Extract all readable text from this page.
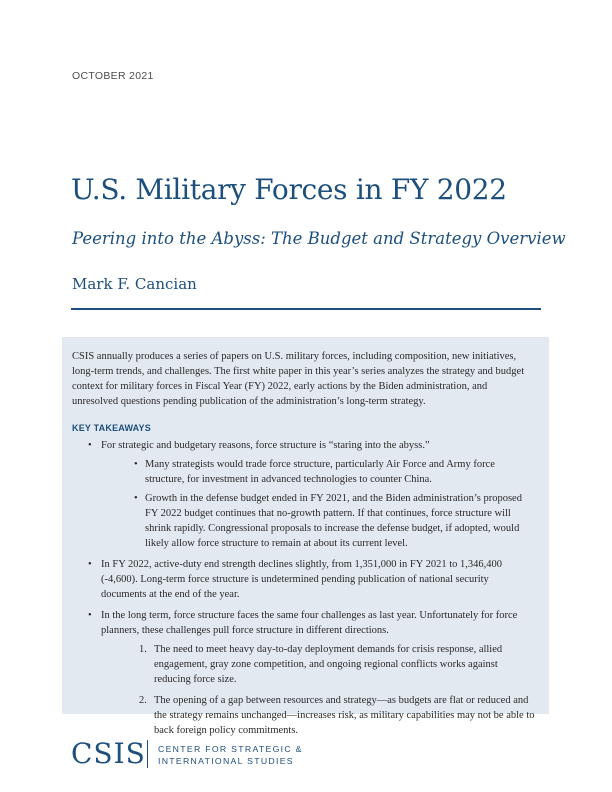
OCTOBER 2021
U.S. Military Forces in FY 2022
Peering into the Abyss: The Budget and Strategy Overview
Mark F. Cancian

CSIS annually produces a series of papers on U.S. military forces, including composition, new initiatives, long-term trends, and challenges. The first white paper in this year’s series analyzes the strategy and budget context for military forces in Fiscal Year (FY) 2022, early actions by the Biden administration, and unresolved questions pending publication of the administration’s long-term strategy.

KEY TAKEAWAYS
• For strategic and budgetary reasons, force structure is “staring into the abyss.”
• Many strategists would trade force structure, particularly Air Force and Army force structure, for investment in advanced technologies to counter China.
• Growth in the defense budget ended in FY 2021, and the Biden administration’s proposed FY 2022 budget continues that no-growth pattern. If that continues, force structure will shrink rapidly. Congressional proposals to increase the defense budget, if adopted, would likely allow force structure to remain at about its current level.
• In FY 2022, active-duty end strength declines slightly, from 1,351,000 in FY 2021 to 1,346,400 (-4,600). Long-term force structure is undetermined pending publication of national security documents at the end of the year.
• In the long term, force structure faces the same four challenges as last year. Unfortunately for force planners, these challenges pull force structure in different directions.
1. The need to meet heavy day-to-day deployment demands for crisis response, allied engagement, gray zone competition, and ongoing regional conflicts works against reducing force size.
2. The opening of a gap between resources and strategy—as budgets are flat or reduced and the strategy remains unchanged—increases risk, as military capabilities may not be able to back foreign policy commitments.
CSIS CENTER FOR STRATEGIC &
INTERNATIONAL STUDIES
